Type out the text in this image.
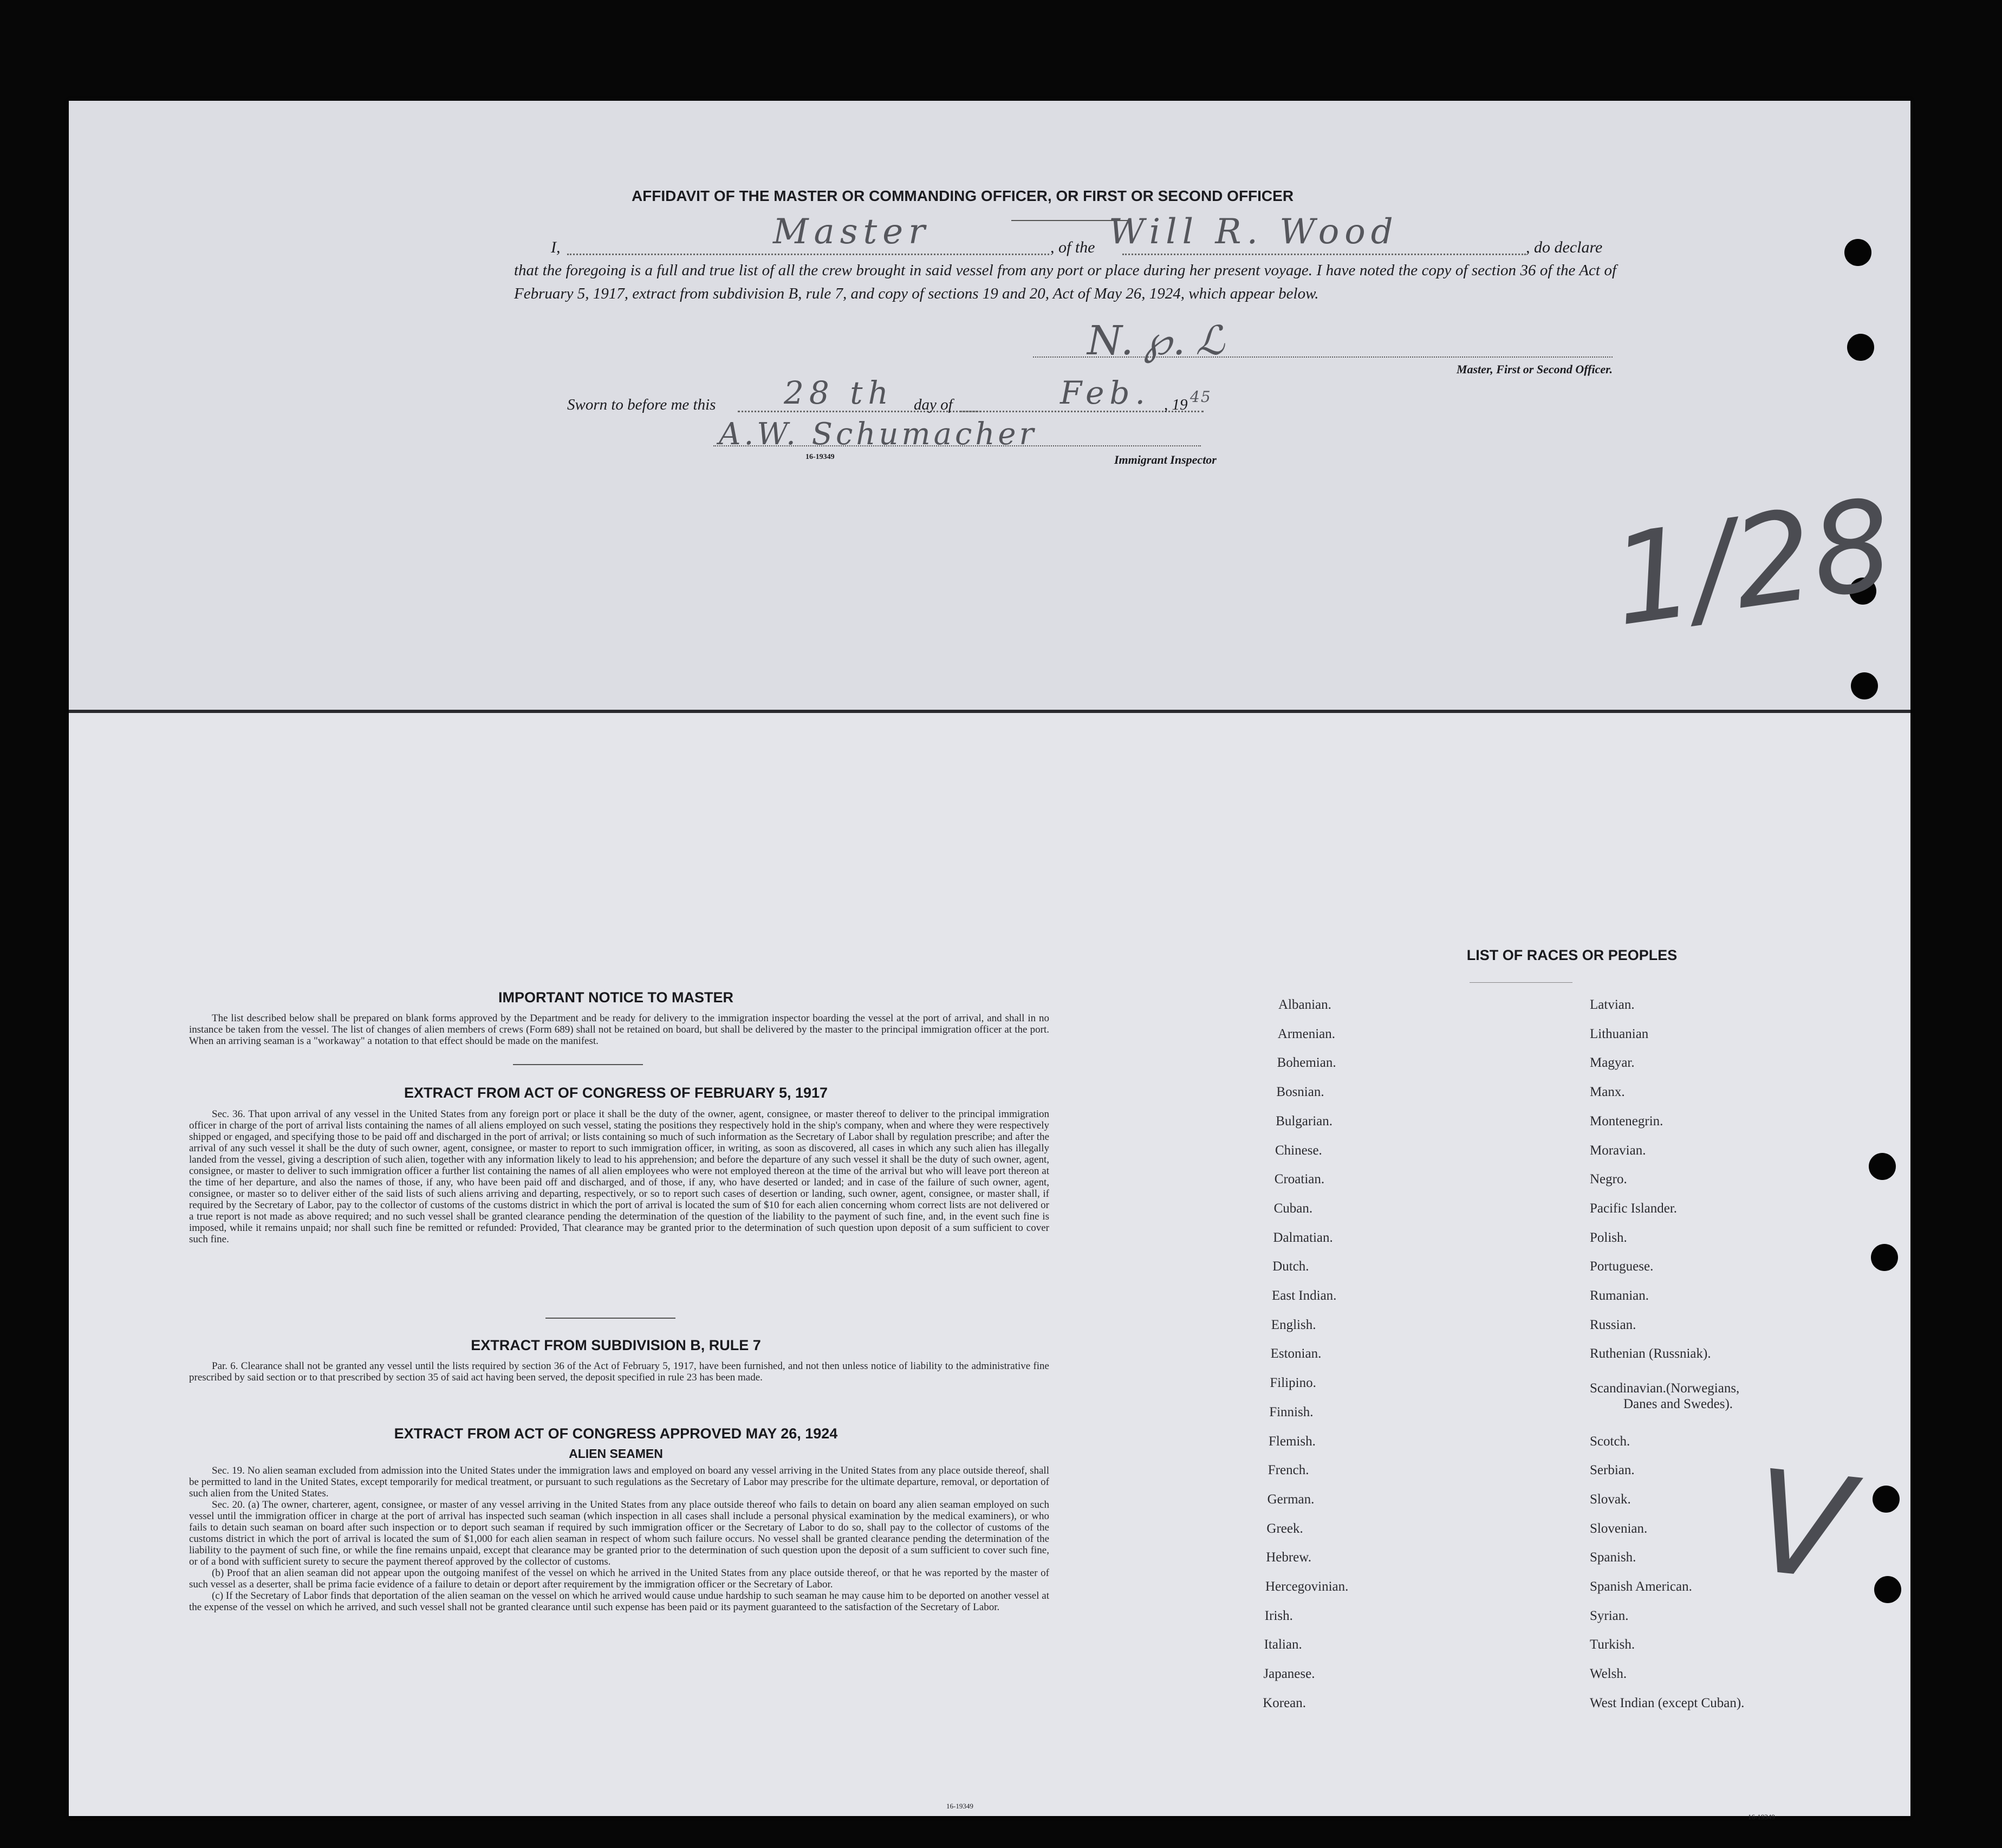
AFFIDAVIT OF THE MASTER OR COMMANDING OFFICER, OR FIRST OR SECOND OFFICER
I,	Master	, of the Will R. Wood	, do declare
that the foregoing is a full and true list of all the crew brought in said vessel from any port or place during her present voyage. I have noted the copy of section 36 of the Act of February 5, 1917, extract from subdivision B, rule 7, and copy of sections 19 and 20, Act of May 26, 1924, which appear below.
N. ℘. ℒ
Master, First or Second Officer.
Sworn to before me this 28 th day of	Feb. , 19 45
A.W. Schumacher
16-19349	Immigrant Inspector
1/28
IMPORTANT NOTICE TO MASTER
The list described below shall be prepared on blank forms approved by the Department and be ready for delivery to the immigration inspector boarding the vessel at the port of arrival, and shall in no instance be taken from the vessel. The list of changes of alien members of crews (Form 689) shall not be retained on board, but shall be delivered by the master to the principal immigration officer at the port. When an arriving seaman is a "workaway" a notation to that effect should be made on the manifest.
EXTRACT FROM ACT OF CONGRESS OF FEBRUARY 5, 1917
Sec. 36. That upon arrival of any vessel in the United States from any foreign port or place it shall be the duty of the owner, agent, consignee, or master thereof to deliver to the principal immigration officer in charge of the port of arrival lists containing the names of all aliens employed on such vessel, stating the positions they respectively hold in the ship's company, when and where they were respectively shipped or engaged, and specifying those to be paid off and discharged in the port of arrival; or lists containing so much of such information as the Secretary of Labor shall by regulation prescribe; and after the arrival of any such vessel it shall be the duty of such owner, agent, consignee, or master to report to such immigration officer, in writing, as soon as discovered, all cases in which any such alien has illegally landed from the vessel, giving a description of such alien, together with any information likely to lead to his apprehension; and before the departure of any such vessel it shall be the duty of such owner, agent, consignee, or master to deliver to such immigration officer a further list containing the names of all alien employees who were not employed thereon at the time of the arrival but who will leave port thereon at the time of her departure, and also the names of those, if any, who have been paid off and discharged, and of those, if any, who have deserted or landed; and in case of the failure of such owner, agent, consignee, or master so to deliver either of the said lists of such aliens arriving and departing, respectively, or so to report such cases of desertion or landing, such owner, agent, consignee, or master shall, if required by the Secretary of Labor, pay to the collector of customs of the customs district in which the port of arrival is located the sum of $10 for each alien concerning whom correct lists are not delivered or a true report is not made as above required; and no such vessel shall be granted clearance pending the determination of the question of the liability to the payment of such fine, and, in the event such fine is imposed, while it remains unpaid; nor shall such fine be remitted or refunded: Provided, That clearance may be granted prior to the determination of such question upon deposit of a sum sufficient to cover such fine.
EXTRACT FROM SUBDIVISION B, RULE 7
Par. 6. Clearance shall not be granted any vessel until the lists required by section 36 of the Act of February 5, 1917, have been furnished, and not then unless notice of liability to the administrative fine prescribed by said section or to that prescribed by section 35 of said act having been served, the deposit specified in rule 23 has been made.
EXTRACT FROM ACT OF CONGRESS APPROVED MAY 26, 1924
ALIEN SEAMEN
Sec. 19. No alien seaman excluded from admission into the United States under the immigration laws and employed on board any vessel arriving in the United States from any place outside thereof, shall be permitted to land in the United States, except temporarily for medical treatment, or pursuant to such regulations as the Secretary of Labor may prescribe for the ultimate departure, removal, or deportation of such alien from the United States.
Sec. 20. (a) The owner, charterer, agent, consignee, or master of any vessel arriving in the United States from any place outside thereof who fails to detain on board any alien seaman employed on such vessel until the immigration officer in charge at the port of arrival has inspected such seaman (which inspection in all cases shall include a personal physical examination by the medical examiners), or who fails to detain such seaman on board after such inspection or to deport such seaman if required by such immigration officer or the Secretary of Labor to do so, shall pay to the collector of customs of the customs district in which the port of arrival is located the sum of $1,000 for each alien seaman in respect of whom such failure occurs. No vessel shall be granted clearance pending the determination of the liability to the payment of such fine, or while the fine remains unpaid, except that clearance may be granted prior to the determination of such question upon the deposit of a sum sufficient to cover such fine, or of a bond with sufficient surety to secure the payment thereof approved by the collector of customs.
(b) Proof that an alien seaman did not appear upon the outgoing manifest of the vessel on which he arrived in the United States from any place outside thereof, or that he was reported by the master of such vessel as a deserter, shall be prima facie evidence of a failure to detain or deport after requirement by the immigration officer or the Secretary of Labor.
(c) If the Secretary of Labor finds that deportation of the alien seaman on the vessel on which he arrived would cause undue hardship to such seaman he may cause him to be deported on another vessel at the expense of the vessel on which he arrived, and such vessel shall not be granted clearance until such expense has been paid or its payment guaranteed to the satisfaction of the Secretary of Labor.
16-19349
LIST OF RACES OR PEOPLES
Albanian.
Armenian.
Bohemian.
Bosnian.
Bulgarian.
Chinese.
Croatian.
Cuban.
Dalmatian.
Dutch.
East Indian.
English.
Estonian.
Filipino.
Finnish.
Flemish.
French.
German.
Greek.
Hebrew.
Hercegovinian.
Irish.
Italian.
Japanese.
Korean.
Latvian.
Lithuanian
Magyar.
Manx.
Montenegrin.
Moravian.
Negro.
Pacific Islander.
Polish.
Portuguese.
Rumanian.
Russian.
Ruthenian (Russniak).
Scandinavian.(Norwegians,
Scotch.
Serbian.
Slovak.
Slovenian.
Spanish.
Spanish American.
Syrian.
Turkish.
Welsh.
West Indian (except Cuban).
Danes and Swedes).
16-19349
V
